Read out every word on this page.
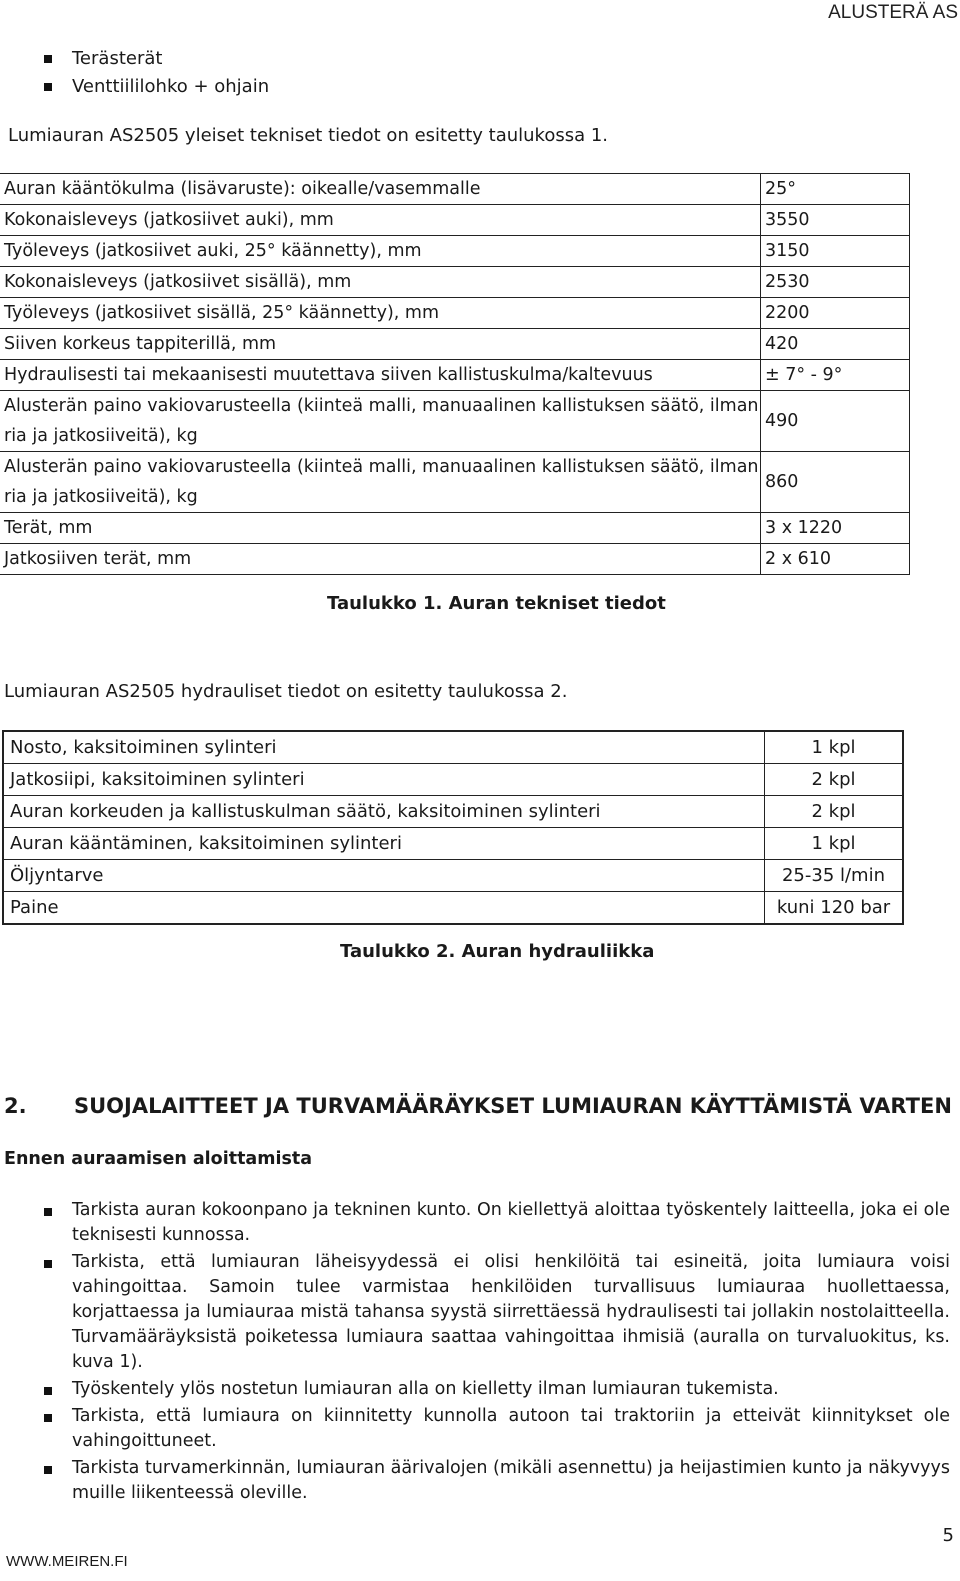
ALUSTERÄ AS
Terästerät
Venttiililohko + ohjain
Lumiauran AS2505 yleiset tekniset tiedot on esitetty taulukossa 1.
Auran kääntökulma (lisävaruste): oikealle/vasemmalle	25°
Kokonaisleveys (jatkosiivet auki), mm	3550
Työleveys (jatkosiivet auki, 25° käännetty), mm	3150
Kokonaisleveys (jatkosiivet sisällä), mm	2530
Työleveys (jatkosiivet sisällä, 25° käännetty), mm	2200
Siiven korkeus tappiterillä, mm	420
Hydraulisesti tai mekaanisesti muutettava siiven kallistuskulma/kaltevuus	± 7° - 9°

Alusterän paino vakiovarusteella (kiinteä malli, manuaalinen kallistuksen säätö, ilman
ria ja jatkosiiveitä), kg	490

Alusterän paino vakiovarusteella (kiinteä malli, manuaalinen kallistuksen säätö, ilman
ria ja jatkosiiveitä), kg	860
Terät, mm	3 x 1220
Jatkosiiven terät, mm	2 x 610
Taulukko 1. Auran tekniset tiedot
Lumiauran AS2505 hydrauliset tiedot on esitetty taulukossa 2.
Nosto, kaksitoiminen sylinteri	1 kpl
Jatkosiipi, kaksitoiminen sylinteri	2 kpl
Auran korkeuden ja kallistuskulman säätö, kaksitoiminen sylinteri	2 kpl
Auran kääntäminen, kaksitoiminen sylinteri	1 kpl
Öljyntarve	25-35 l/min
Paine	kuni 120 bar
Taulukko 2. Auran hydrauliikka
2. SUOJALAITTEET JA TURVAMÄÄRÄYKSET LUMIAURAN KÄYTTÄMISTÄ VARTEN
Ennen auraamisen aloittamista
Tarkista auran kokoonpano ja tekninen kunto. On kiellettyä aloittaa työskentely laitteella, joka ei ole teknisesti kunnossa.
Tarkista, että lumiauran läheisyydessä ei olisi henkilöitä tai esineitä, joita lumiaura voisi vahingoittaa. Samoin tulee varmistaa henkilöiden turvallisuus lumiauraa huollettaessa, korjattaessa ja lumiauraa mistä tahansa syystä siirrettäessä hydraulisesti tai jollakin nostolaitteella. Turvamääräyksistä poiketessa lumiaura saattaa vahingoittaa ihmisiä (auralla on turvaluokitus, ks. kuva 1).
Työskentely ylös nostetun lumiauran alla on kielletty ilman lumiauran tukemista.
Tarkista, että lumiaura on kiinnitetty kunnolla autoon tai traktoriin ja etteivät kiinnitykset ole vahingoittuneet.
Tarkista turvamerkinnän, lumiauran äärivalojen (mikäli asennettu) ja heijastimien kunto ja näkyvyys muille liikenteessä oleville.
5
WWW.MEIREN.FI
